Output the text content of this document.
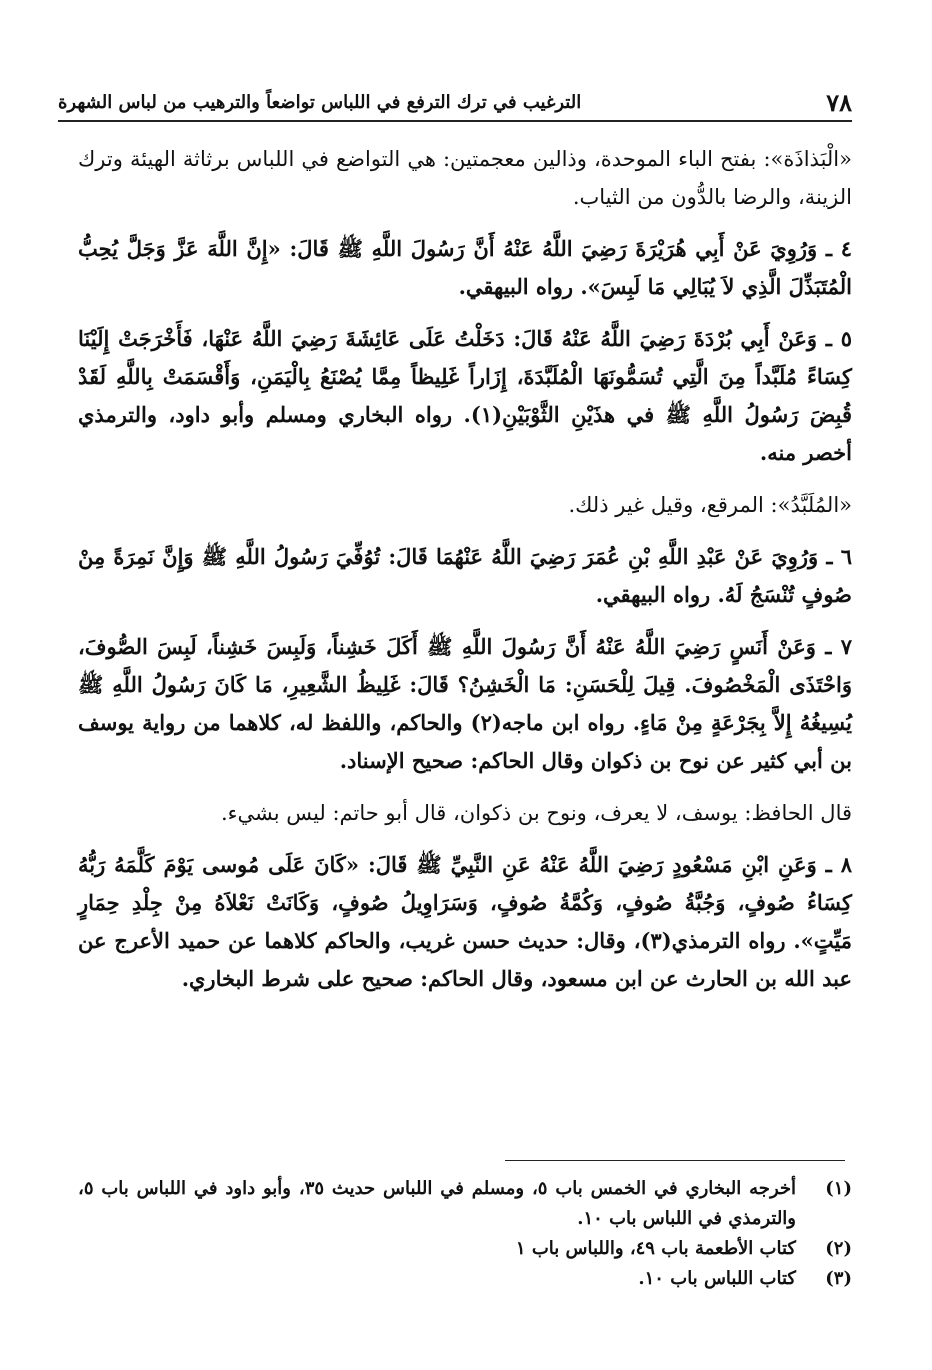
٧٨
الترغيب في ترك الترفع في اللباس تواضعاً والترهيب من لباس الشهرة

«الْبَذاذَة»: بفتح الباء الموحدة، وذالين معجمتين: هي التواضع في اللباس برثاثة الهيئة وترك الزينة، والرضا بالدُّون من الثياب.

٤ ـ وَرُوِيَ عَنْ أَبِي هُرَيْرَةَ رَضِيَ اللَّهُ عَنْهُ أَنَّ رَسُولَ اللَّهِ ﷺ قَالَ: «إِنَّ اللَّهَ عَزَّ وَجَلَّ يُحِبُّ الْمُتَبَذِّلَ الَّذِي لاَ يُبَالِي مَا لَبِسَ». رواه البيهقي.

٥ ـ وَعَنْ أَبِي بُرْدَةَ رَضِيَ اللَّهُ عَنْهُ قَالَ: دَخَلْتُ عَلَى عَائِشَةَ رَضِيَ اللَّهُ عَنْهَا، فَأَخْرَجَتْ إِلَيْنَا كِسَاءً مُلَبَّداً مِنَ الَّتِي تُسَمُّونَهَا الْمُلَبَّدَةَ، إِزَاراً غَلِيظاً مِمَّا يُصْنَعُ بِالْيَمَنِ، وَأَقْسَمَتْ بِاللَّهِ لَقَدْ قُبِضَ رَسُولُ اللَّهِ ﷺ في هذَيْنِ الثَّوْبَيْنِ(١). رواه البخاري ومسلم وأبو داود، والترمذي أخصر منه.

«المُلَبَّدُ»: المرقع، وقيل غير ذلك.

٦ ـ وَرُوِيَ عَنْ عَبْدِ اللَّهِ بْنِ عُمَرَ رَضِيَ اللَّهُ عَنْهُمَا قَالَ: تُوُفِّيَ رَسُولُ اللَّهِ ﷺ وَإِنَّ نَمِرَةً مِنْ صُوفٍ تُنْسَجُ لَهُ. رواه البيهقي.

٧ ـ وَعَنْ أَنَسٍ رَضِيَ اللَّهُ عَنْهُ أَنَّ رَسُولَ اللَّهِ ﷺ أَكَلَ خَشِناً، وَلَبِسَ خَشِناً، لَبِسَ الصُّوفَ، وَاحْتَذَى الْمَخْصُوفَ. قِيلَ لِلْحَسَنِ: مَا الْخَشِنُ؟ قَالَ: غَلِيظُ الشَّعِيرِ، مَا كَانَ رَسُولُ اللَّهِ ﷺ يُسِيغُهُ إِلاَّ بِجَرْعَةٍ مِنْ مَاءٍ. رواه ابن ماجه(٢) والحاكم، واللفظ له، كلاهما من رواية يوسف بن أبي كثير عن نوح بن ذكوان وقال الحاكم: صحيح الإسناد.

قال الحافظ: يوسف، لا يعرف، ونوح بن ذكوان، قال أبو حاتم: ليس بشيء.

٨ ـ وَعَنِ ابْنِ مَسْعُودٍ رَضِيَ اللَّهُ عَنْهُ عَنِ النَّبِيِّ ﷺ قَالَ: «كَانَ عَلَى مُوسى يَوْمَ كَلَّمَهُ رَبُّهُ كِسَاءُ صُوفٍ، وَجُبَّةُ صُوفٍ، وَكُمَّةُ صُوفٍ، وَسَرَاوِيلُ صُوفٍ، وَكَانَتْ نَعْلاَهُ مِنْ جِلْدِ حِمَارٍ مَيِّتٍ». رواه الترمذي(٣)، وقال: حديث حسن غريب، والحاكم كلاهما عن حميد الأعرج عن عبد الله بن الحارث عن ابن مسعود، وقال الحاكم: صحيح على شرط البخاري.

(١)
أخرجه البخاري في الخمس باب ٥، ومسلم في اللباس حديث ٣٥، وأبو داود في اللباس باب ٥، والترمذي في اللباس باب ١٠.
(٢)
كتاب الأطعمة باب ٤٩، واللباس باب ١
(٣)
كتاب اللباس باب ١٠.
